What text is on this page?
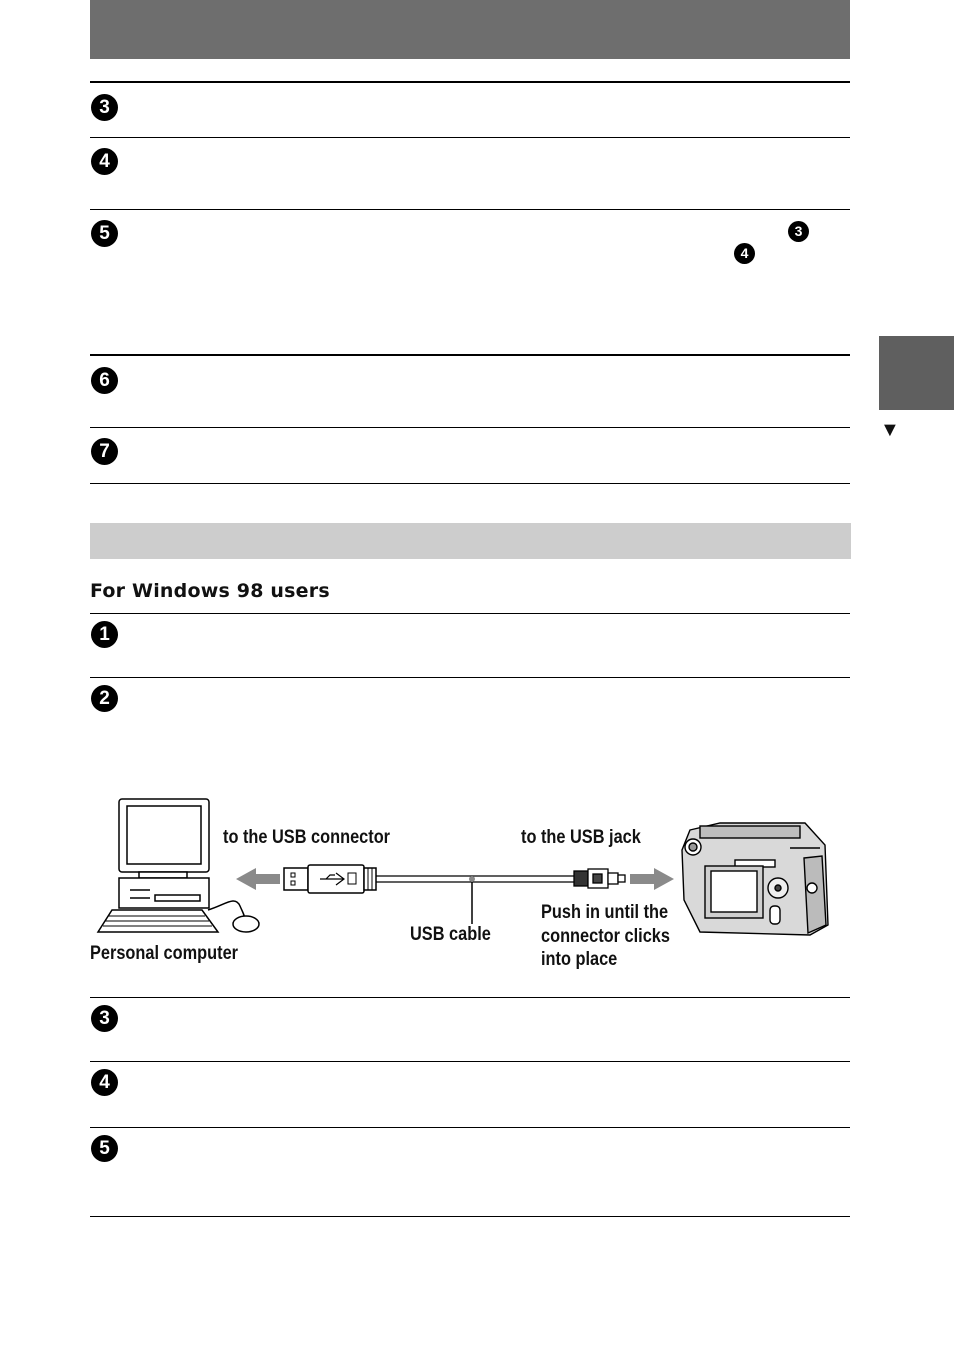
▼
3
4
5	3
4
6
7
For Windows 98 users
1
2
to the USB connector	to the USB jack
USB cable
Personal computer
Push in until the
connector clicks
into place
3
4
5
